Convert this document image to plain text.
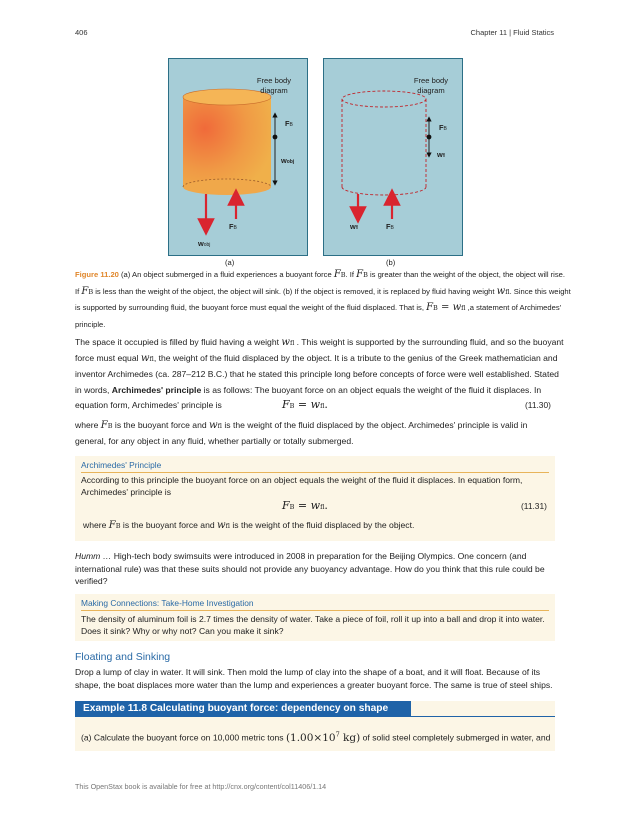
406	Chapter 11 | Fluid Statics
Free body
diagram
FB
wobj
wobj
FB
(a)
Free body
diagram
FB
wfl
wfl	FB
(b)
Figure 11.20 (a) An object submerged in a fluid experiences a buoyant force FB. If FB is greater than the weight of the object, the object will rise.
If FB is less than the weight of the object, the object will sink. (b) If the object is removed, it is replaced by fluid having weight wfl. Since this weight
is supported by surrounding fluid, the buoyant force must equal the weight of the fluid displaced. That is, FB = wfl ,a statement of Archimedes'
principle.
The space it occupied is filled by fluid having a weight wfl . This weight is supported by the surrounding fluid, and so the buoyant
force must equal wfl, the weight of the fluid displaced by the object. It is a tribute to the genius of the Greek mathematician and
inventor Archimedes (ca. 287–212 B.C.) that he stated this principle long before concepts of force were well established. Stated
in words, Archimedes' principle is as follows: The buoyant force on an object equals the weight of the fluid it displaces. In
equation form, Archimedes' principle is	FB = wfl.	(11.30)
where FB is the buoyant force and wfl is the weight of the fluid displaced by the object. Archimedes' principle is valid in
general, for any object in any fluid, whether partially or totally submerged.
Archimedes' Principle
According to this principle the buoyant force on an object equals the weight of the fluid it displaces. In equation form,
Archimedes' principle is
FB = wfl.	(11.31)
where FB is the buoyant force and wfl is the weight of the fluid displaced by the object.
Humm … High-tech body swimsuits were introduced in 2008 in preparation for the Beijing Olympics. One concern (and
international rule) was that these suits should not provide any buoyancy advantage. How do you think that this rule could be
verified?
Making Connections: Take-Home Investigation
The density of aluminum foil is 2.7 times the density of water. Take a piece of foil, roll it up into a ball and drop it into water.
Does it sink? Why or why not? Can you make it sink?
Floating and Sinking
Drop a lump of clay in water. It will sink. Then mold the lump of clay into the shape of a boat, and it will float. Because of its
shape, the boat displaces more water than the lump and experiences a greater buoyant force. The same is true of steel ships.
Example 11.8 Calculating buoyant force: dependency on shape
(a) Calculate the buoyant force on 10,000 metric tons ($1.00\times 10^7$ kg) of solid steel completely submerged in water, and
This OpenStax book is available for free at http://cnx.org/content/col11406/1.14
